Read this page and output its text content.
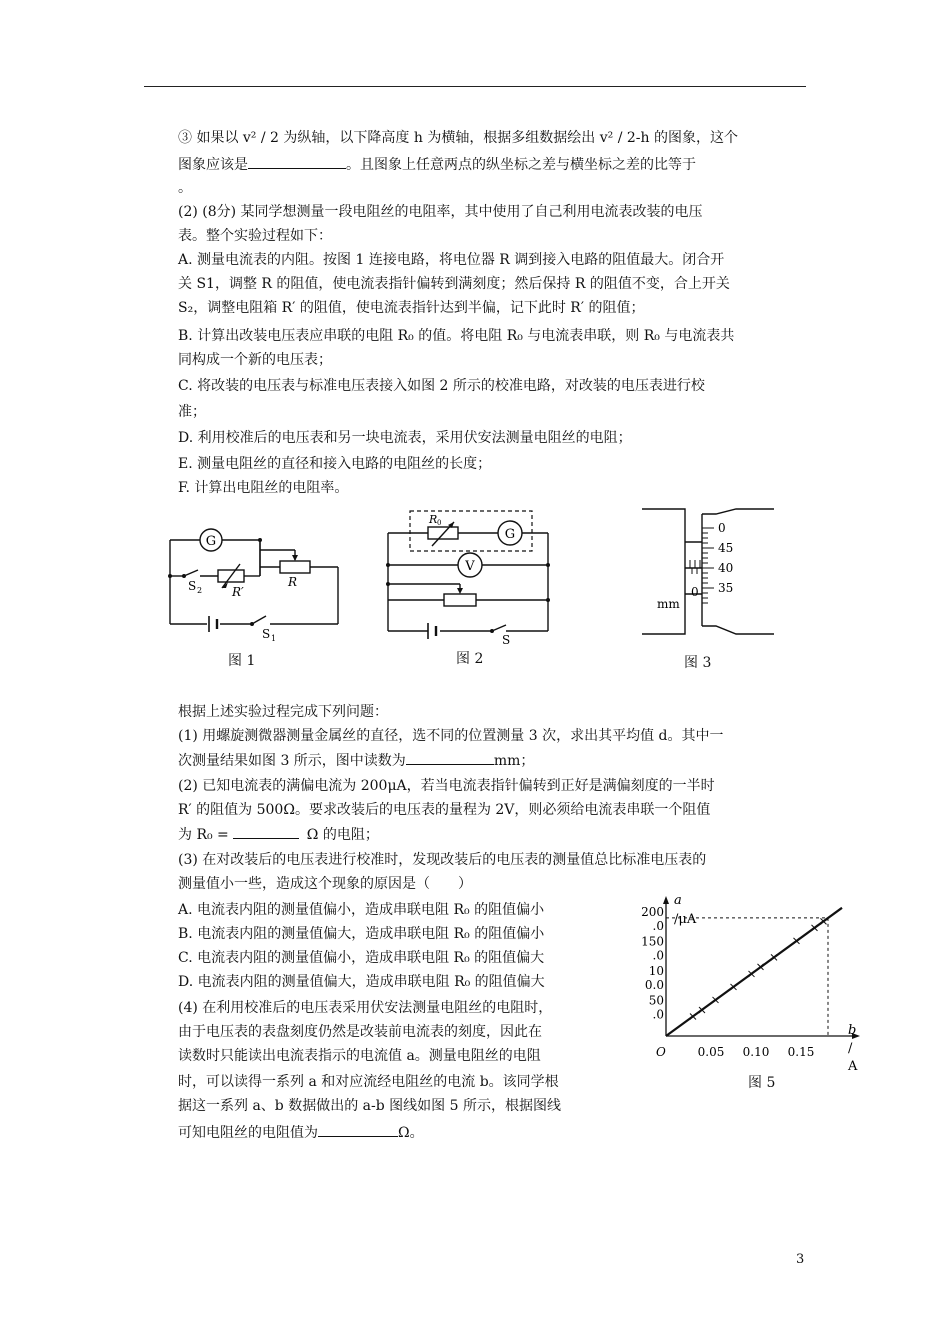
③ 如果以 v² / 2 为纵轴，以下降高度 h 为横轴，根据多组数据绘出 v² / 2-h 的图象，这个
图象应该是	。且图象上任意两点的纵坐标之差与横坐标之差的比等于
。
(2) (8分) 某同学想测量一段电阻丝的电阻率，其中使用了自己利用电流表改装的电压
表。整个实验过程如下：
A. 测量电流表的内阻。按图 1 连接电路，将电位器 R 调到接入电路的阻值最大。闭合开
关 S1，调整 R 的阻值，使电流表指针偏转到满刻度；然后保持 R 的阻值不变，合上开关
S₂，调整电阻箱 R′ 的阻值，使电流表指针达到半偏，记下此时 R′ 的阻值；
B. 计算出改装电压表应串联的电阻 R₀ 的值。将电阻 R₀ 与电流表串联，则 R₀ 与电流表共
同构成一个新的电压表；
C. 将改装的电压表与标准电压表接入如图 2 所示的校准电路，对改装的电压表进行校
准；
D. 利用校准后的电压表和另一块电流表，采用伏安法测量电阻丝的电阻；
E. 测量电阻丝的直径和接入电路的电阻丝的长度；
F. 计算出电阻丝的电阻率。
G
S 2 R′
R
S 1
图 1
G
V
R 0
S
图 2
0
45
40
35
0
mm
图 3
根据上述实验过程完成下列问题：
(1) 用螺旋测微器测量金属丝的直径，选不同的位置测量 3 次，求出其平均值 d。其中一
次测量结果如图 3 所示，图中读数为	mm；
(2) 已知电流表的满偏电流为 200μA，若当电流表指针偏转到正好是满偏刻度的一半时
R′ 的阻值为 500Ω。要求改装后的电压表的量程为 2V，则必须给电流表串联一个阻值
为 R₀ =	Ω 的电阻；
(3) 在对改装后的电压表进行校准时，发现改装后的电压表的测量值总比标准电压表的
测量值小一些，造成这个现象的原因是（　　）
A. 电流表内阻的测量值偏小，造成串联电阻 R₀ 的阻值偏小
B. 电流表内阻的测量值偏大，造成串联电阻 R₀ 的阻值偏小
C. 电流表内阻的测量值偏小，造成串联电阻 R₀ 的阻值偏大
D. 电流表内阻的测量值偏大，造成串联电阻 R₀ 的阻值偏大
(4) 在利用校准后的电压表采用伏安法测量电阻丝的电阻时，
由于电压表的表盘刻度仍然是改装前电流表的刻度，因此在
读数时只能读出电流表指示的电流值 a。测量电阻丝的电阻
时，可以读得一系列 a 和对应流经电阻丝的电流 b。该同学根
据这一系列 a、b 数据做出的 a-b 图线如图 5 所示，根据图线
可知电阻丝的电阻值为	Ω。
a
/μA
b
/
A
O	0.05 0.10 0.15
200 .0
150 .0
10 0.0
50 .0
图 5
3
